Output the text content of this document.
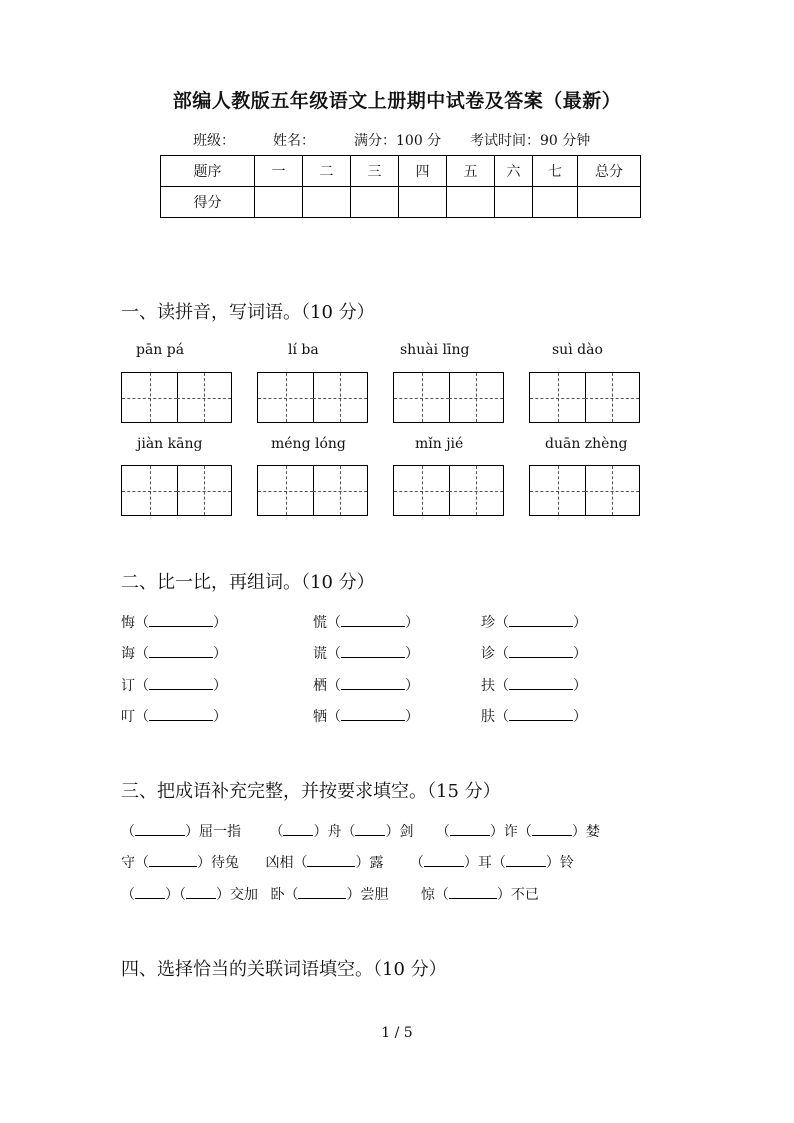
部编人教版五年级语文上册期中试卷及答案（最新）
班级：	姓名：	满分：100 分 考试时间：90 分钟
题序	一	二	三	四	五	六	七	总分
得分								
一、读拼音，写词语。（10 分）
pān pá	lí ba	shuài līng	suì dào
jiàn kāng	méng lóng	mǐn jié	duān zhèng
二、比一比，再组词。（10 分）
悔（	）	慌（	）	珍（	）
诲（	）	谎（	）	诊（	）
订（	）	栖（	）	扶（	）
叮（	）	牺（	）	肤（	）
三、把成语补充完整，并按要求填空。（15 分）
（	）屈一指 （ ）舟（ ）剑 （	）诈（	）婪
守（	）待兔 凶相（	）露 （	）耳（	）铃
（ ）（ ）交加 卧（	）尝胆 惊（	）不已
四、选择恰当的关联词语填空。（10 分）
1 / 5
